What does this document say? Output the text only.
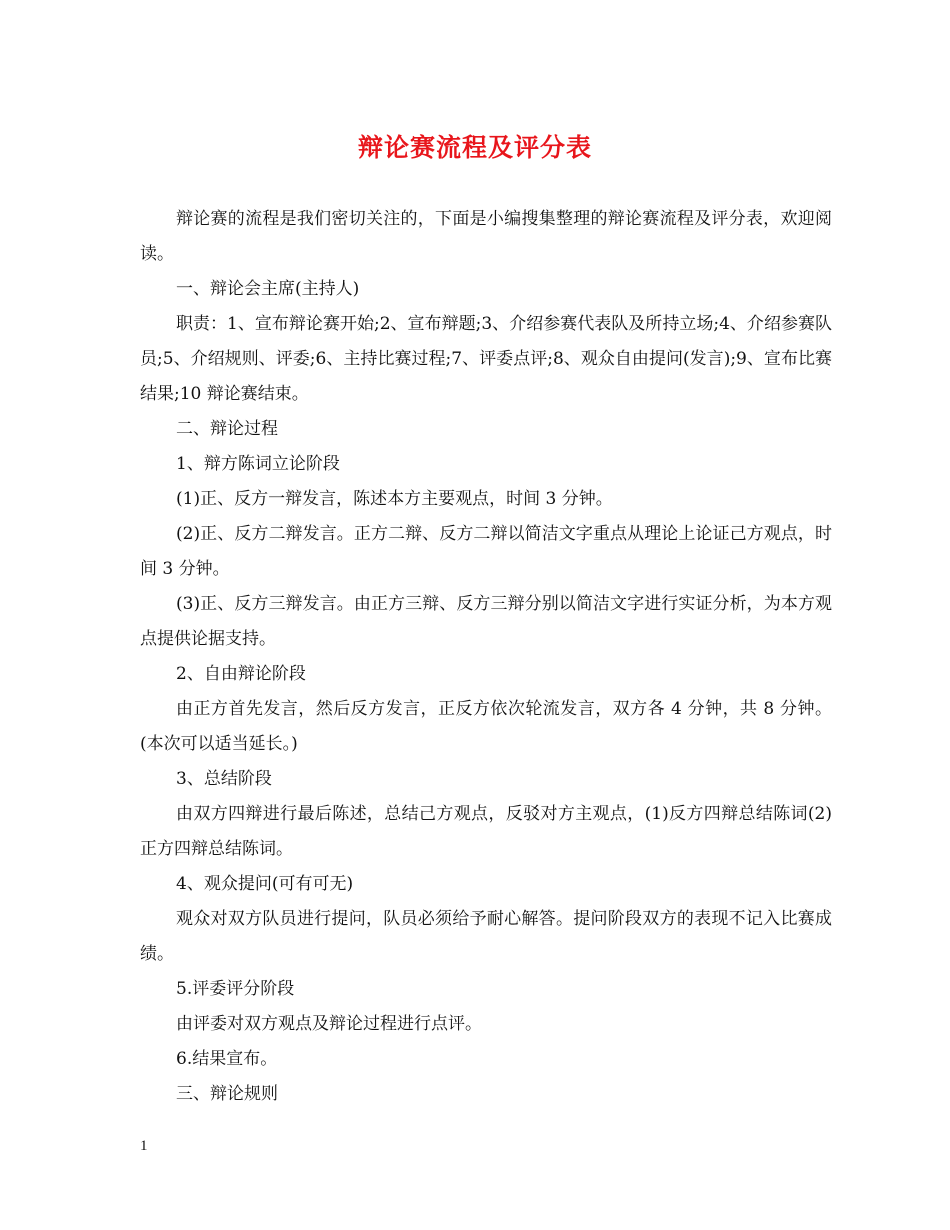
辩论赛流程及评分表

辩论赛的流程是我们密切关注的，下面是小编搜集整理的辩论赛流程及评分表，欢迎阅读。

一、辩论会主席(主持人)

职责：1、宣布辩论赛开始;2、宣布辩题;3、介绍参赛代表队及所持立场;4、介绍参赛队员;5、介绍规则、评委;6、主持比赛过程;7、评委点评;8、观众自由提问(发言);9、宣布比赛结果;10 辩论赛结束。

二、辩论过程

1、辩方陈词立论阶段

(1)正、反方一辩发言，陈述本方主要观点，时间 3 分钟。

(2)正、反方二辩发言。正方二辩、反方二辩以简洁文字重点从理论上论证己方观点，时间 3 分钟。

(3)正、反方三辩发言。由正方三辩、反方三辩分别以简洁文字进行实证分析，为本方观点提供论据支持。

2、自由辩论阶段

由正方首先发言，然后反方发言，正反方依次轮流发言，双方各 4 分钟，共 8 分钟。(本次可以适当延长。)

3、总结阶段

由双方四辩进行最后陈述，总结己方观点，反驳对方主观点，(1)反方四辩总结陈词(2)正方四辩总结陈词。

4、观众提问(可有可无)

观众对双方队员进行提问，队员必须给予耐心解答。提问阶段双方的表现不记入比赛成绩。

5.评委评分阶段

由评委对双方观点及辩论过程进行点评。

6.结果宣布。

三、辩论规则

1
